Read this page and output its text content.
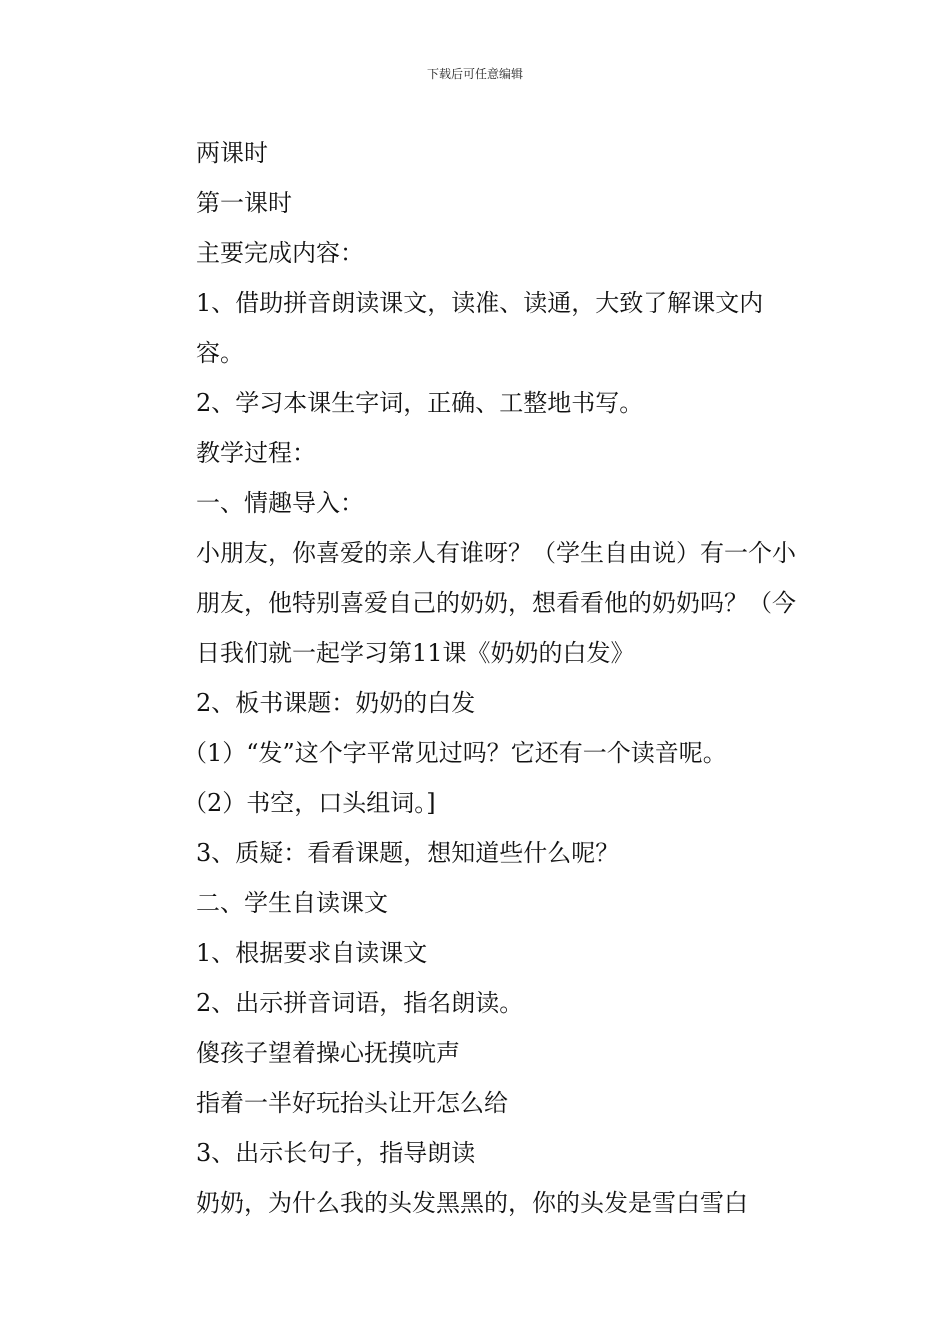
下载后可任意编辑

两课时

第一课时

主要完成内容：

1、借助拼音朗读课文，读准、读通，大致了解课文内容。

2、学习本课生字词，正确、工整地书写。

教学过程：

一、情趣导入：

小朋友，你喜爱的亲人有谁呀？（学生自由说）有一个小朋友，他特别喜爱自己的奶奶，想看看他的奶奶吗？（今日我们就一起学习第11课《奶奶的白发》

2、板书课题：奶奶的白发

（1）“发”这个字平常见过吗？它还有一个读音呢。

（2）书空，口头组词。]

3、质疑：看看课题，想知道些什么呢？

二、学生自读课文

1、根据要求自读课文

2、出示拼音词语，指名朗读。

傻孩子望着操心抚摸吭声

指着一半好玩抬头让开怎么给

3、出示长句子，指导朗读

奶奶，为什么我的头发黑黑的，你的头发是雪白雪白
